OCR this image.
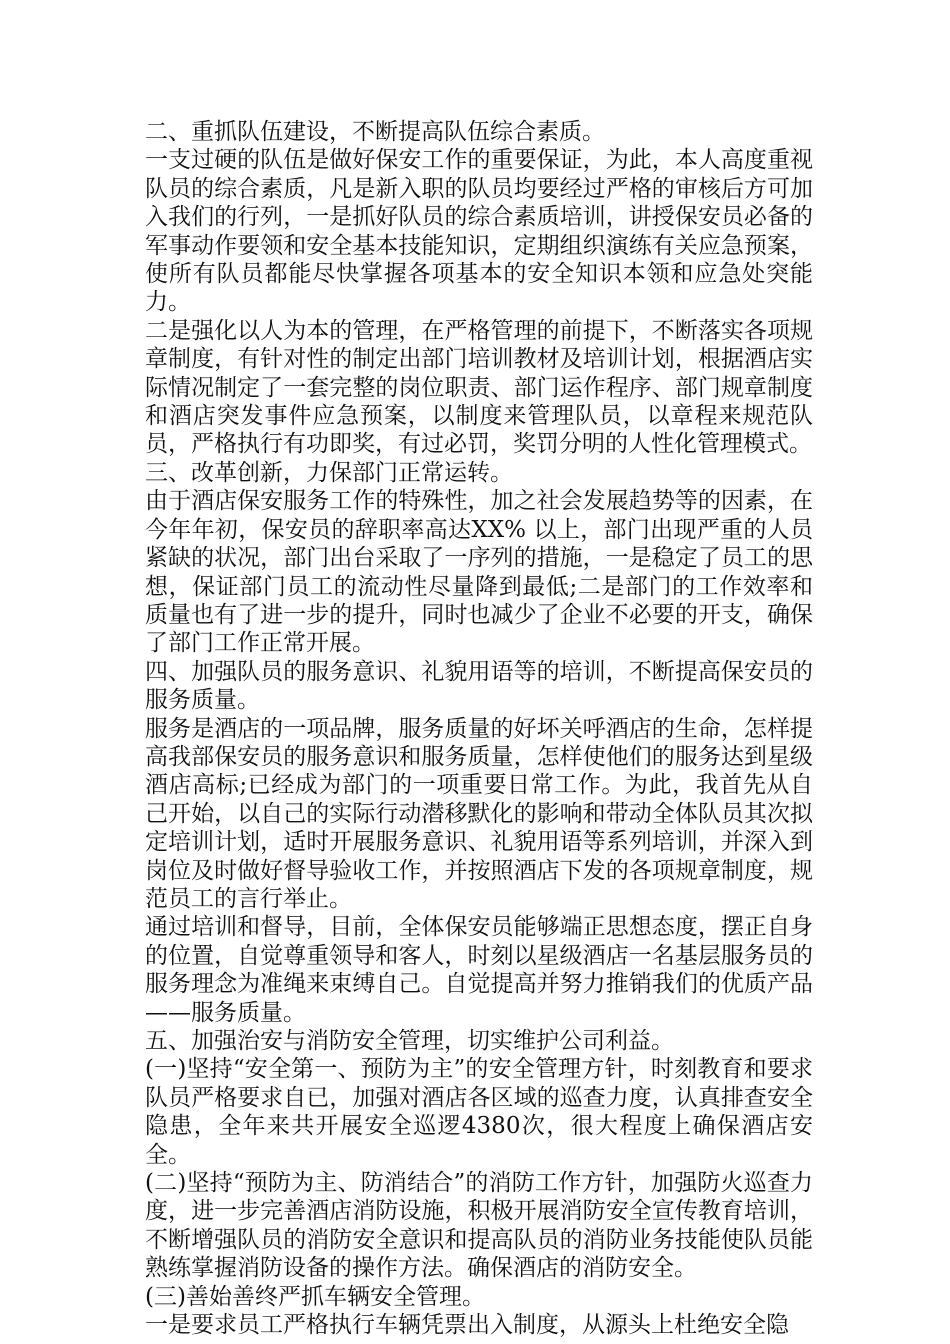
二、重抓队伍建设，不断提高队伍综合素质。

一支过硬的队伍是做好保安工作的重要保证，为此，本人高度重视队员的综合素质，凡是新入职的队员均要经过严格的审核后方可加入我们的行列，一是抓好队员的综合素质培训，讲授保安员必备的军事动作要领和安全基本技能知识，定期组织演练有关应急预案，使所有队员都能尽快掌握各项基本的安全知识本领和应急处突能力。

二是强化以人为本的管理，在严格管理的前提下，不断落实各项规章制度，有针对性的制定出部门培训教材及培训计划，根据酒店实际情况制定了一套完整的岗位职责、部门运作程序、部门规章制度和酒店突发事件应急预案，以制度来管理队员，以章程来规范队员，严格执行有功即奖，有过必罚，奖罚分明的人性化管理模式。

三、改革创新，力保部门正常运转。

由于酒店保安服务工作的特殊性，加之社会发展趋势等的因素，在今年年初，保安员的辞职率高达XX% 以上，部门出现严重的人员紧缺的状况，部门出台采取了一序列的措施，一是稳定了员工的思想，保证部门员工的流动性尽量降到最低;二是部门的工作效率和质量也有了进一步的提升，同时也减少了企业不必要的开支，确保了部门工作正常开展。

四、加强队员的服务意识、礼貌用语等的培训，不断提高保安员的服务质量。

服务是酒店的一项品牌，服务质量的好坏关呼酒店的生命，怎样提高我部保安员的服务意识和服务质量，怎样使他们的服务达到星级酒店高标;已经成为部门的一项重要日常工作。为此，我首先从自己开始，以自己的实际行动潜移默化的影响和带动全体队员其次拟定培训计划，适时开展服务意识、礼貌用语等系列培训，并深入到岗位及时做好督导验收工作，并按照酒店下发的各项规章制度，规范员工的言行举止。

通过培训和督导，目前，全体保安员能够端正思想态度，摆正自身的位置，自觉尊重领导和客人，时刻以星级酒店一名基层服务员的服务理念为准绳来束缚自己。自觉提高并努力推销我们的优质产品——服务质量。

五、加强治安与消防安全管理，切实维护公司利益。

(一)坚持“安全第一、预防为主”的安全管理方针，时刻教育和要求队员严格要求自已，加强对酒店各区域的巡查力度，认真排查安全隐患，全年来共开展安全巡逻4380次，很大程度上确保酒店安全。

(二)坚持“预防为主、防消结合”的消防工作方针，加强防火巡查力度，进一步完善酒店消防设施，积极开展消防安全宣传教育培训，不断增强队员的消防安全意识和提高队员的消防业务技能使队员能熟练掌握消防设备的操作方法。确保酒店的消防安全。

(三)善始善终严抓车辆安全管理。

一是要求员工严格执行车辆凭票出入制度，从源头上杜绝安全隐
